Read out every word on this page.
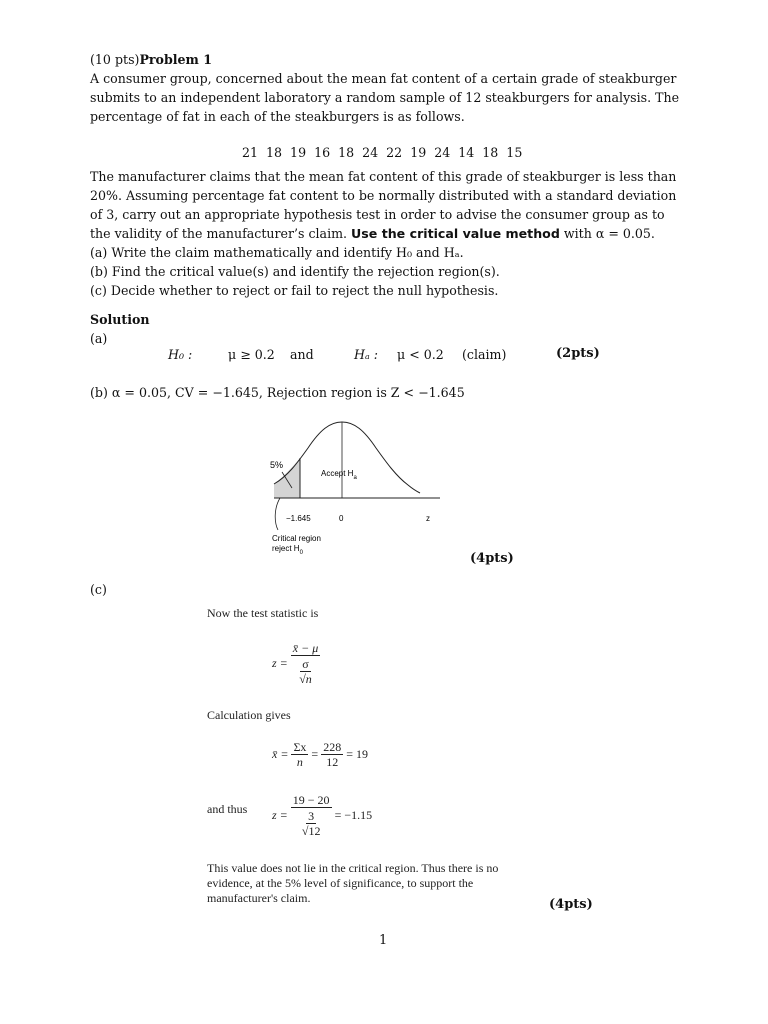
(10 pts)Problem 1
A consumer group, concerned about the mean fat content of a certain grade of steakburger
submits to an independent laboratory a random sample of 12 steakburgers for analysis. The
percentage of fat in each of the steakburgers is as follows.
21 18 19 16 18 24 22 19 24 14 18 15
The manufacturer claims that the mean fat content of this grade of steakburger is less than
20%. Assuming percentage fat content to be normally distributed with a standard deviation
of 3, carry out an appropriate hypothesis test in order to advise the consumer group as to
the validity of the manufacturer’s claim. Use the critical value method with α = 0.05.
(a) Write the claim mathematically and identify H₀ and Hₐ.
(b) Find the critical value(s) and identify the rejection region(s).
(c) Decide whether to reject or fail to reject the null hypothesis.
Solution
(a)
H₀ :	μ ≥ 0.2 and	Hₐ : μ < 0.2 (claim)	(2pts)
(b) α = 0.05, CV = −1.645, Rejection region is Z < −1.645
5%
Accept $H_a$
−1.645	0	z
Critical region
reject $H_0$	(4pts)
(c)
Now the test statistic is
$z = \frac{x̄ - \mu}{\frac{\sigma}{√n}}$
Calculation gives
x̄ = $\frac{\Sigma x}{n} = \frac{228}{12} = 19$
and thus $z = \frac{19 - 20}{\frac{3}{√12}} = -1.15$
This value does not lie in the critical region. Thus there is no
evidence, at the 5% level of significance, to support the
manufacturer's claim.	(4pts)
1
